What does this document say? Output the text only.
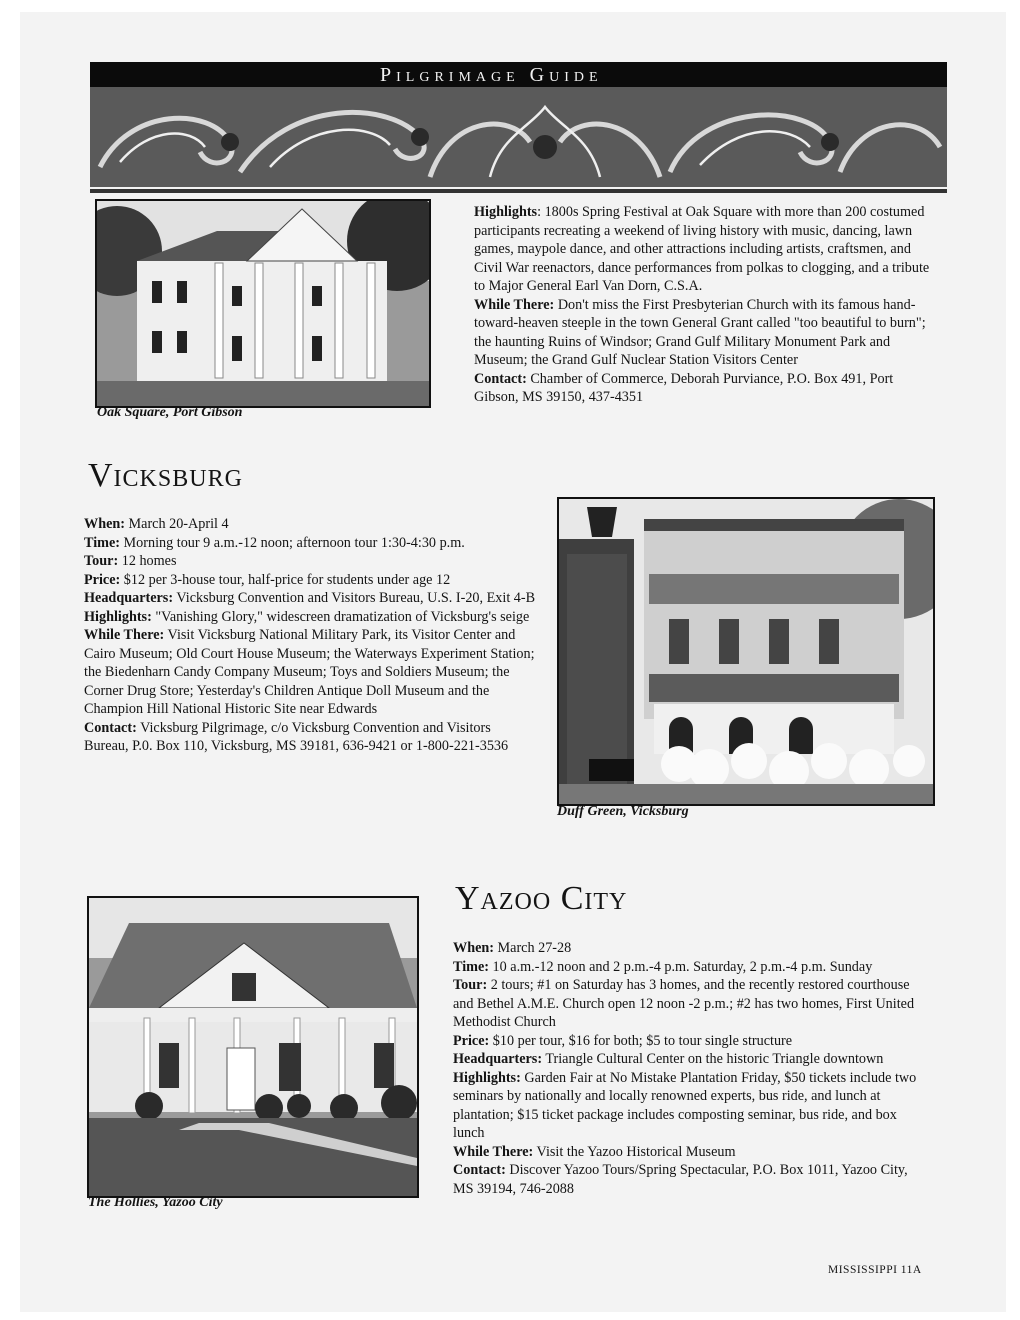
Pilgrimage Guide
Oak Square, Port Gibson

Highlights: 1800s Spring Festival at Oak Square with more than 200 costumed participants recreating a weekend of living history with music, dancing, lawn games, maypole dance, and other attractions including artists, craftsmen, and Civil War reenactors, dance performances from polkas to clogging, and a tribute to Major General Earl Van Dorn, C.S.A.

While There: Don't miss the First Presbyterian Church with its famous hand-toward-heaven steeple in the town General Grant called "too beautiful to burn"; the haunting Ruins of Windsor; Grand Gulf Military Monument Park and Museum; the Grand Gulf Nuclear Station Visitors Center

Contact: Chamber of Commerce, Deborah Purviance, P.O. Box 491, Port Gibson, MS 39150, 437-4351

Vicksburg

When: March 20-April 4

Time: Morning tour 9 a.m.-12 noon; afternoon tour 1:30-4:30 p.m.

Tour: 12 homes

Price: $12 per 3-house tour, half-price for students under age 12

Headquarters: Vicksburg Convention and Visitors Bureau, U.S. I-20, Exit 4-B

Highlights: "Vanishing Glory," widescreen dramatization of Vicksburg's seige

While There: Visit Vicksburg National Military Park, its Visitor Center and Cairo Museum; Old Court House Museum; the Waterways Experiment Station; the Biedenharn Candy Company Museum; Toys and Soldiers Museum; the Corner Drug Store; Yesterday's Children Antique Doll Museum and the Champion Hill National Historic Site near Edwards

Contact: Vicksburg Pilgrimage, c/o Vicksburg Convention and Visitors Bureau, P.0. Box 110, Vicksburg, MS 39181, 636-9421 or 1-800-221-3536

Duff Green, Vicksburg
The Hollies, Yazoo City
Yazoo City

When: March 27-28

Time: 10 a.m.-12 noon and 2 p.m.-4 p.m. Saturday, 2 p.m.-4 p.m. Sunday

Tour: 2 tours; #1 on Saturday has 3 homes, and the recently restored courthouse and Bethel A.M.E. Church open 12 noon -2 p.m.; #2 has two homes, First United Methodist Church

Price: $10 per tour, $16 for both; $5 to tour single structure

Headquarters: Triangle Cultural Center on the historic Triangle downtown

Highlights: Garden Fair at No Mistake Plantation Friday, $50 tickets include two seminars by nationally and locally renowned experts, bus ride, and lunch at plantation; $15 ticket package includes composting seminar, bus ride, and box lunch

While There: Visit the Yazoo Historical Museum

Contact: Discover Yazoo Tours/Spring Spectacular, P.O. Box 1011, Yazoo City, MS 39194, 746-2088

MISSISSIPPI 11A
